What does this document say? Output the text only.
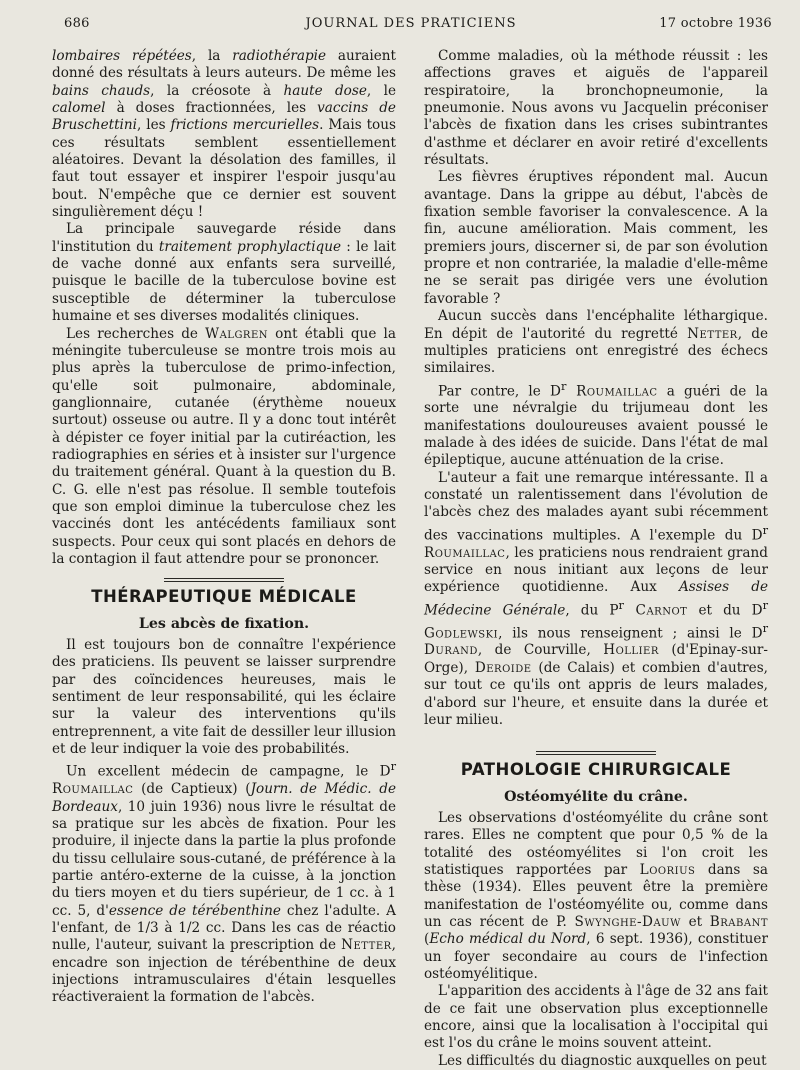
686	JOURNAL DES PRATICIENS	17 octobre 1936

lombaires répétées, la radiothérapie auraient donné des résultats à leurs auteurs. De même les bains chauds, la créosote à haute dose, le calomel à doses fractionnées, les vaccins de Bruschettini, les frictions mercurielles. Mais tous ces résultats semblent essentiellement aléatoires. Devant la désolation des familles, il faut tout essayer et inspirer l'espoir jusqu'au bout. N'empêche que ce dernier est souvent singulièrement déçu !

La principale sauvegarde réside dans l'institution du traitement prophylactique : le lait de vache donné aux enfants sera surveillé, puisque le bacille de la tuberculose bovine est susceptible de déterminer la tuberculose humaine et ses diverses modalités cliniques.

Les recherches de Walgren ont établi que la méningite tuberculeuse se montre trois mois au plus après la tuberculose de primo-infection, qu'elle soit pulmonaire, abdominale, ganglionnaire, cutanée (érythème noueux surtout) osseuse ou autre. Il y a donc tout intérêt à dépister ce foyer initial par la cutiréaction, les radiographies en séries et à insister sur l'urgence du traitement général. Quant à la question du B. C. G. elle n'est pas résolue. Il semble toutefois que son emploi diminue la tuberculose chez les vaccinés dont les antécédents familiaux sont suspects. Pour ceux qui sont placés en dehors de la contagion il faut attendre pour se prononcer.

THÉRAPEUTIQUE MÉDICALE
Les abcès de fixation.

Il est toujours bon de connaître l'expérience des praticiens. Ils peuvent se laisser surprendre par des coïncidences heureuses, mais le sentiment de leur responsabilité, qui les éclaire sur la valeur des interventions qu'ils entreprennent, a vite fait de dessiller leur illusion et de leur indiquer la voie des probabilités.

Un excellent médecin de campagne, le $D^r$ Roumaillac (de Captieux) (Journ. de Médic. de Bordeaux, 10 juin 1936) nous livre le résultat de sa pratique sur les abcès de fixation. Pour les produire, il injecte dans la partie la plus profonde du tissu cellulaire sous-cutané, de préférence à la partie antéro-externe de la cuisse, à la jonction du tiers moyen et du tiers supérieur, de 1 cc. à 1 cc. 5, d'essence de térébenthine chez l'adulte. A l'enfant, de 1/3 à 1/2 cc. Dans les cas de réactio nulle, l'auteur, suivant la prescription de Netter, encadre son injection de térébenthine de deux injections intramusculaires d'étain lesquelles réactiveraient la formation de l'abcès.

Comme maladies, où la méthode réussit : les affections graves et aiguës de l'appareil respiratoire, la bronchopneumonie, la pneumonie. Nous avons vu Jacquelin préconiser l'abcès de fixation dans les crises subintrantes d'asthme et déclarer en avoir retiré d'excellents résultats.

Les fièvres éruptives répondent mal. Aucun avantage. Dans la grippe au début, l'abcès de fixation semble favoriser la convalescence. A la fin, aucune amélioration. Mais comment, les premiers jours, discerner si, de par son évolution propre et non contrariée, la maladie d'elle-même ne se serait pas dirigée vers une évolution favorable ?

Aucun succès dans l'encéphalite léthargique. En dépit de l'autorité du regretté Netter, de multiples praticiens ont enregistré des échecs similaires.

Par contre, le $D^r$ Roumaillac a guéri de la sorte une névralgie du trijumeau dont les manifestations douloureuses avaient poussé le malade à des idées de suicide. Dans l'état de mal épileptique, aucune atténuation de la crise.

L'auteur a fait une remarque intéressante. Il a constaté un ralentissement dans l'évolution de l'abcès chez des malades ayant subi récemment des vaccinations multiples. A l'exemple du $D^r$ Roumaillac, les praticiens nous rendraient grand service en nous initiant aux leçons de leur expérience quotidienne. Aux Assises de Médecine Générale, du $P^r$ Carnot et du $D^r$ Godlewski, ils nous renseignent ; ainsi le $D^r$ Durand, de Courville, Hollier (d'Epinay-sur-Orge), Deroide (de Calais) et combien d'autres, sur tout ce qu'ils ont appris de leurs malades, d'abord sur l'heure, et ensuite dans la durée et leur milieu.

PATHOLOGIE CHIRURGICALE
Ostéomyélite du crâne.

Les observations d'ostéomyélite du crâne sont rares. Elles ne comptent que pour 0,5 % de la totalité des ostéomyélites si l'on croit les statistiques rapportées par Loorius dans sa thèse (1934). Elles peuvent être la première manifestation de l'ostéomyélite ou, comme dans un cas récent de P. Swynghe-Dauw et Brabant (Echo médical du Nord, 6 sept. 1936), constituer un foyer secondaire au cours de l'infection ostéomyélitique.

L'apparition des accidents à l'âge de 32 ans fait de ce fait une observation plus exceptionnelle encore, ainsi que la localisation à l'occipital qui est l'os du crâne le moins souvent atteint.

Les difficultés du diagnostic auxquelles on peut
